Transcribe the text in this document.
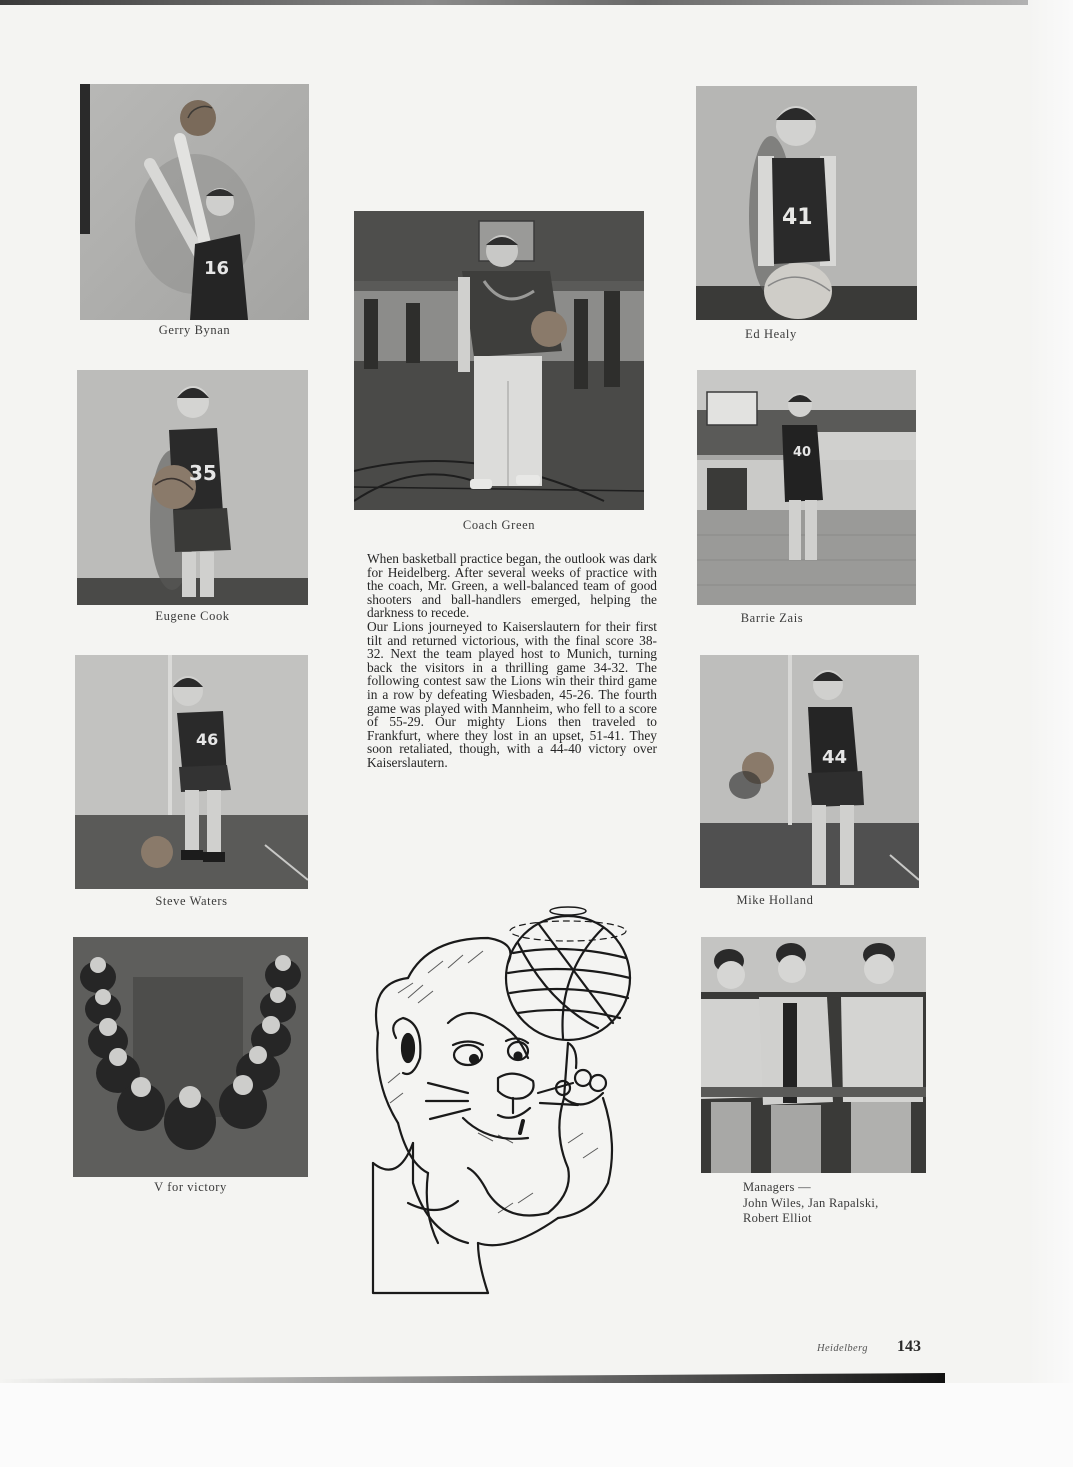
16
Gerry Bynan
35
Eugene Cook
46
Steve Waters
V for victory
Coach Green

When basketball practice began, the outlook was dark for Heidelberg. After several weeks of practice with the coach, Mr. Green, a well-balanced team of good shooters and ball-handlers emerged, helping the darkness to recede.

Our Lions journeyed to Kaiserslautern for their first tilt and returned victorious, with the final score 38-32. Next the team played host to Munich, turning back the visitors in a thrilling game 34-32. The following contest saw the Lions win their third game in a row by defeating Wiesbaden, 45-26. The fourth game was played with Mannheim, who fell to a score of 55-29. Our mighty Lions then traveled to Frankfurt, where they lost in an upset, 51-41. They soon retaliated, though, with a 44-40 victory over Kaiserslautern.

41
Ed Healy
40
Barrie Zais
44
Mike Holland
Managers —
John Wiles, Jan Rapalski,
Robert Elliot
Heidelberg 143
